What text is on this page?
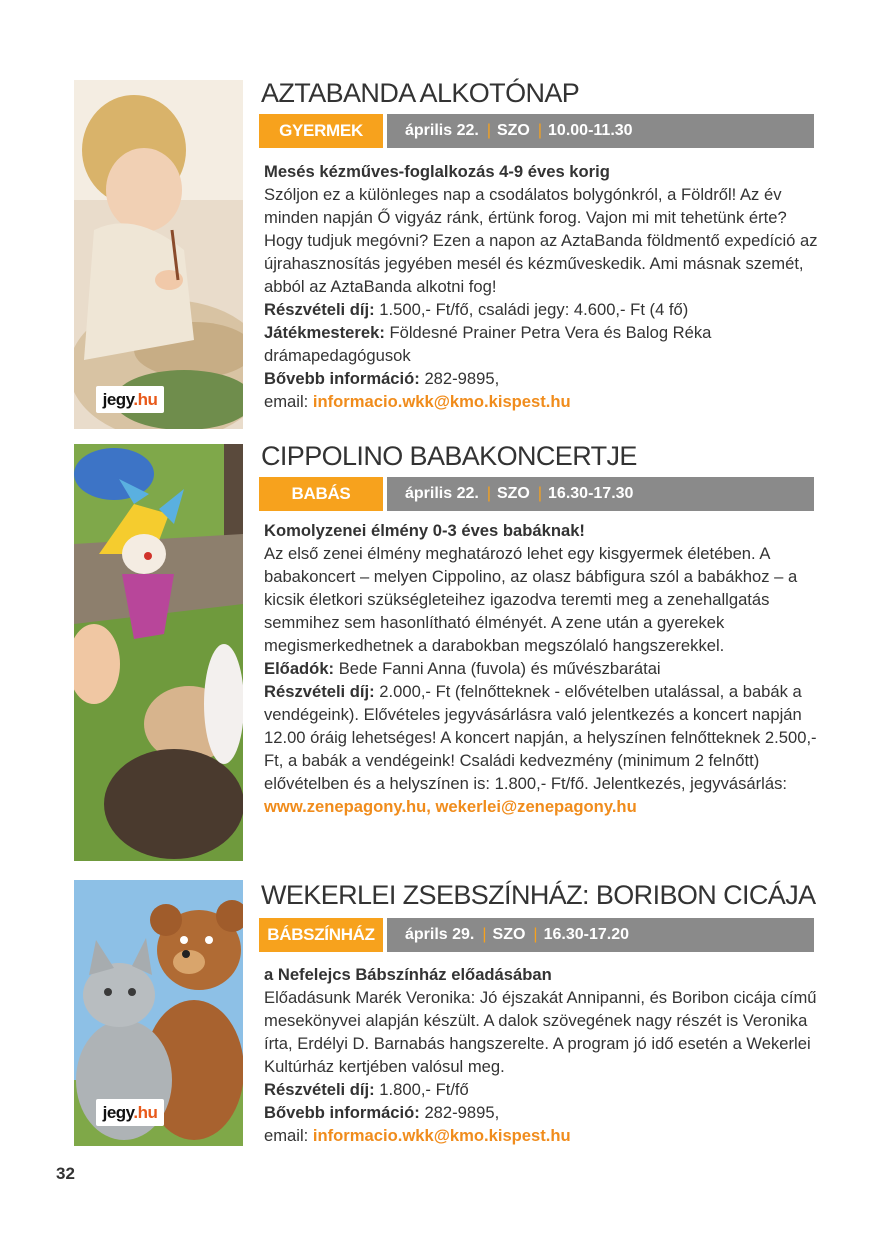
jegy.hu
AZTABANDA ALKOTÓNAP
GYERMEK	április 22. | SZO | 10.00-11.30

Mesés kézműves-foglalkozás 4-9 éves korig

Szóljon ez a különleges nap a csodálatos bolygónkról, a Földről! Az év minden napján Ő vigyáz ránk, értünk forog. Vajon mi mit tehetünk érte? Hogy tudjuk megóvni? Ezen a napon az AztaBanda földmentő expedíció az újrahasznosítás jegyében mesél és kézműveskedik. Ami másnak szemét, abból az AztaBanda alkotni fog!

Részvételi díj: 1.500,- Ft/fő, családi jegy: 4.600,- Ft (4 fő)

Játékmesterek: Földesné Prainer Petra Vera és Balog Réka drámapedagógusok

Bővebb információ: 282-9895,

email: informacio.wkk@kmo.kispest.hu

CIPPOLINO BABAKONCERTJE
BABÁS	április 22. | SZO | 16.30-17.30

Komolyzenei élmény 0-3 éves babáknak!

Az első zenei élmény meghatározó lehet egy kisgyermek életében. A babakoncert – melyen Cippolino, az olasz bábfigura szól a babákhoz – a kicsik életkori szükségleteihez igazodva teremti meg a zenehallgatás semmihez sem hasonlítható élményét. A zene után a gyerekek megismerkedhetnek a darabokban megszólaló hangszerekkel.

Előadók: Bede Fanni Anna (fuvola) és művészbarátai

Részvételi díj: 2.000,- Ft (felnőtteknek - elővételben utalással, a babák a vendégeink). Elővételes jegyvásárlásra való jelentkezés a koncert napján 12.00 óráig lehetséges! A koncert napján, a helyszínen felnőtteknek 2.500,- Ft, a babák a vendégeink! Családi kedvezmény (minimum 2 felnőtt) elővételben és a helyszínen is: 1.800,- Ft/fő. Jelentkezés, jegyvásárlás:

www.zenepagony.hu, wekerlei@zenepagony.hu

jegy.hu
WEKERLEI ZSEBSZÍNHÁZ: BORIBON CICÁJA
BÁBSZÍNHÁZ	áprils 29. | SZO | 16.30-17.20

a Nefelejcs Bábszínház előadásában

Előadásunk Marék Veronika: Jó éjszakát Annipanni, és Boribon cicája című mesekönyvei alapján készült. A dalok szövegének nagy részét is Veronika írta, Erdélyi D. Barnabás hangszerelte. A program jó idő esetén a Wekerlei Kultúrház kertjében valósul meg.

Részvételi díj: 1.800,- Ft/fő

Bővebb információ: 282-9895,

email: informacio.wkk@kmo.kispest.hu

32
